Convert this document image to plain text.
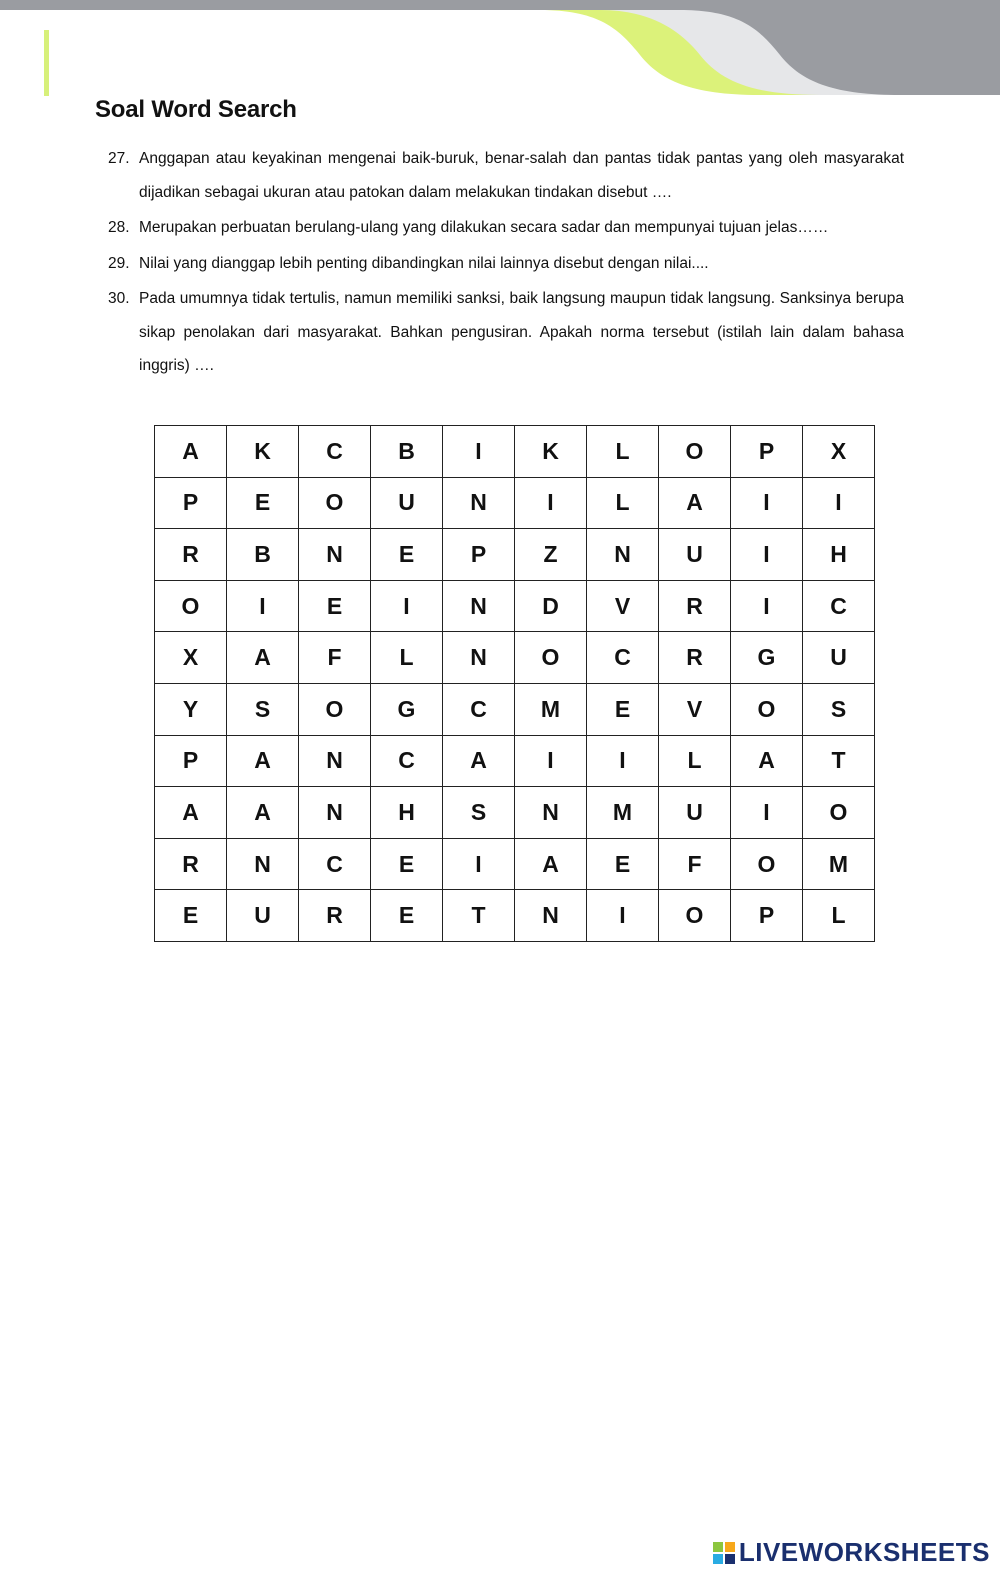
Soal Word Search
27. Anggapan atau keyakinan mengenai baik-buruk, benar-salah dan pantas tidak pantas yang oleh masyarakat dijadikan sebagai ukuran atau patokan dalam melakukan tindakan disebut ….
28. Merupakan perbuatan berulang-ulang yang dilakukan secara sadar dan mempunyai tujuan jelas……
29. Nilai yang dianggap lebih penting dibandingkan nilai lainnya disebut dengan nilai....
30. Pada umumnya tidak tertulis, namun memiliki sanksi, baik langsung maupun tidak langsung. Sanksinya berupa sikap penolakan dari masyarakat. Bahkan pengusiran. Apakah norma tersebut (istilah lain dalam bahasa inggris) ….
A	K	C	B	I	K	L	O	P	X
P	E	O	U	N	I	L	A	I	I
R	B	N	E	P	Z	N	U	I	H
O	I	E	I	N	D	V	R	I	C
X	A	F	L	N	O	C	R	G	U
Y	S	O	G	C	M	E	V	O	S
P	A	N	C	A	I	I	L	A	T
A	A	N	H	S	N	M	U	I	O
R	N	C	E	I	A	E	F	O	M
E	U	R	E	T	N	I	O	P	L
LIVEWORKSHEETS
